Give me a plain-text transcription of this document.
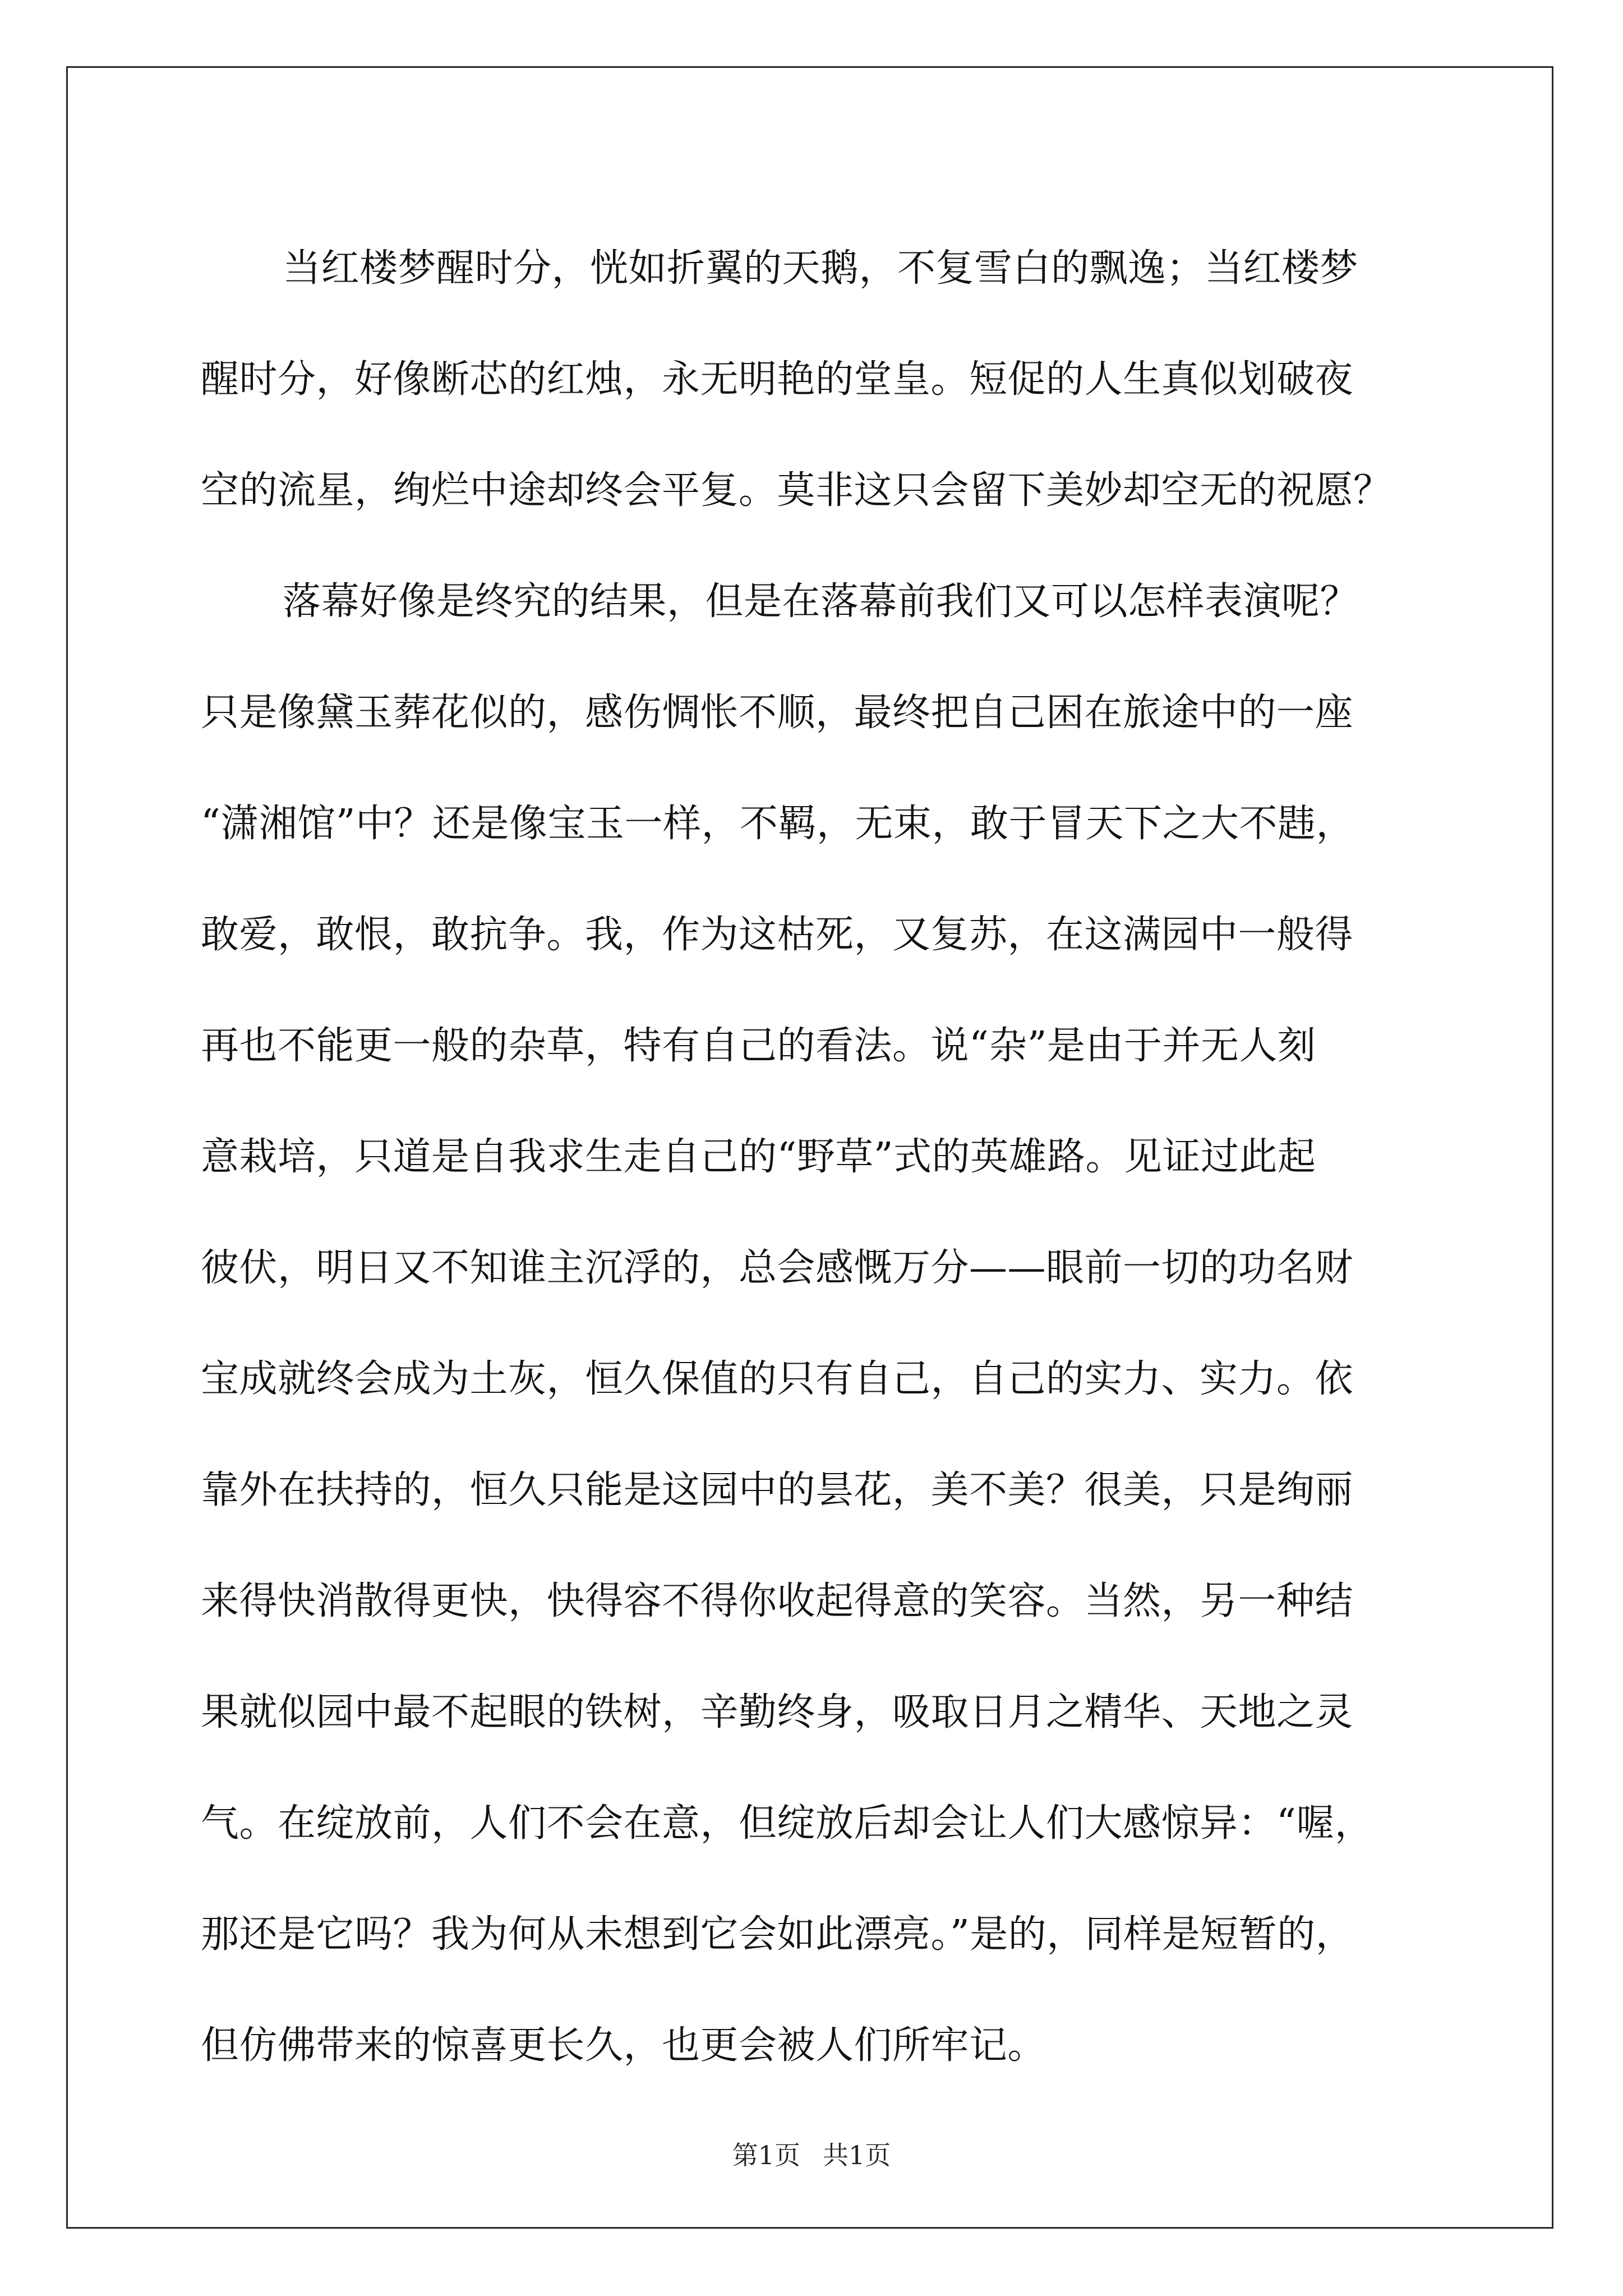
当红楼梦醒时分，恍如折翼的天鹅，不复雪白的飘逸；当红楼梦
醒时分，好像断芯的红烛，永无明艳的堂皇。短促的人生真似划破夜
空的流星，绚烂中途却终会平复。莫非这只会留下美妙却空无的祝愿？
落幕好像是终究的结果，但是在落幕前我们又可以怎样表演呢？
只是像黛玉葬花似的，感伤惆怅不顺，最终把自己困在旅途中的一座
“潇湘馆”中？还是像宝玉一样，不羁，无束，敢于冒天下之大不韪，
敢爱，敢恨，敢抗争。我，作为这枯死，又复苏，在这满园中一般得
再也不能更一般的杂草，特有自己的看法。说“杂”是由于并无人刻
意栽培，只道是自我求生走自己的“野草”式的英雄路。见证过此起
彼伏，明日又不知谁主沉浮的，总会感慨万分——眼前一切的功名财
宝成就终会成为土灰，恒久保值的只有自己，自己的实力、实力。依
靠外在扶持的，恒久只能是这园中的昙花，美不美？很美，只是绚丽
来得快消散得更快，快得容不得你收起得意的笑容。当然，另一种结
果就似园中最不起眼的铁树，辛勤终身，吸取日月之精华、天地之灵
气。在绽放前，人们不会在意，但绽放后却会让人们大感惊异：“喔，
那还是它吗？我为何从未想到它会如此漂亮。”是的，同样是短暂的，
但仿佛带来的惊喜更长久，也更会被人们所牢记。
第1页 共1页
